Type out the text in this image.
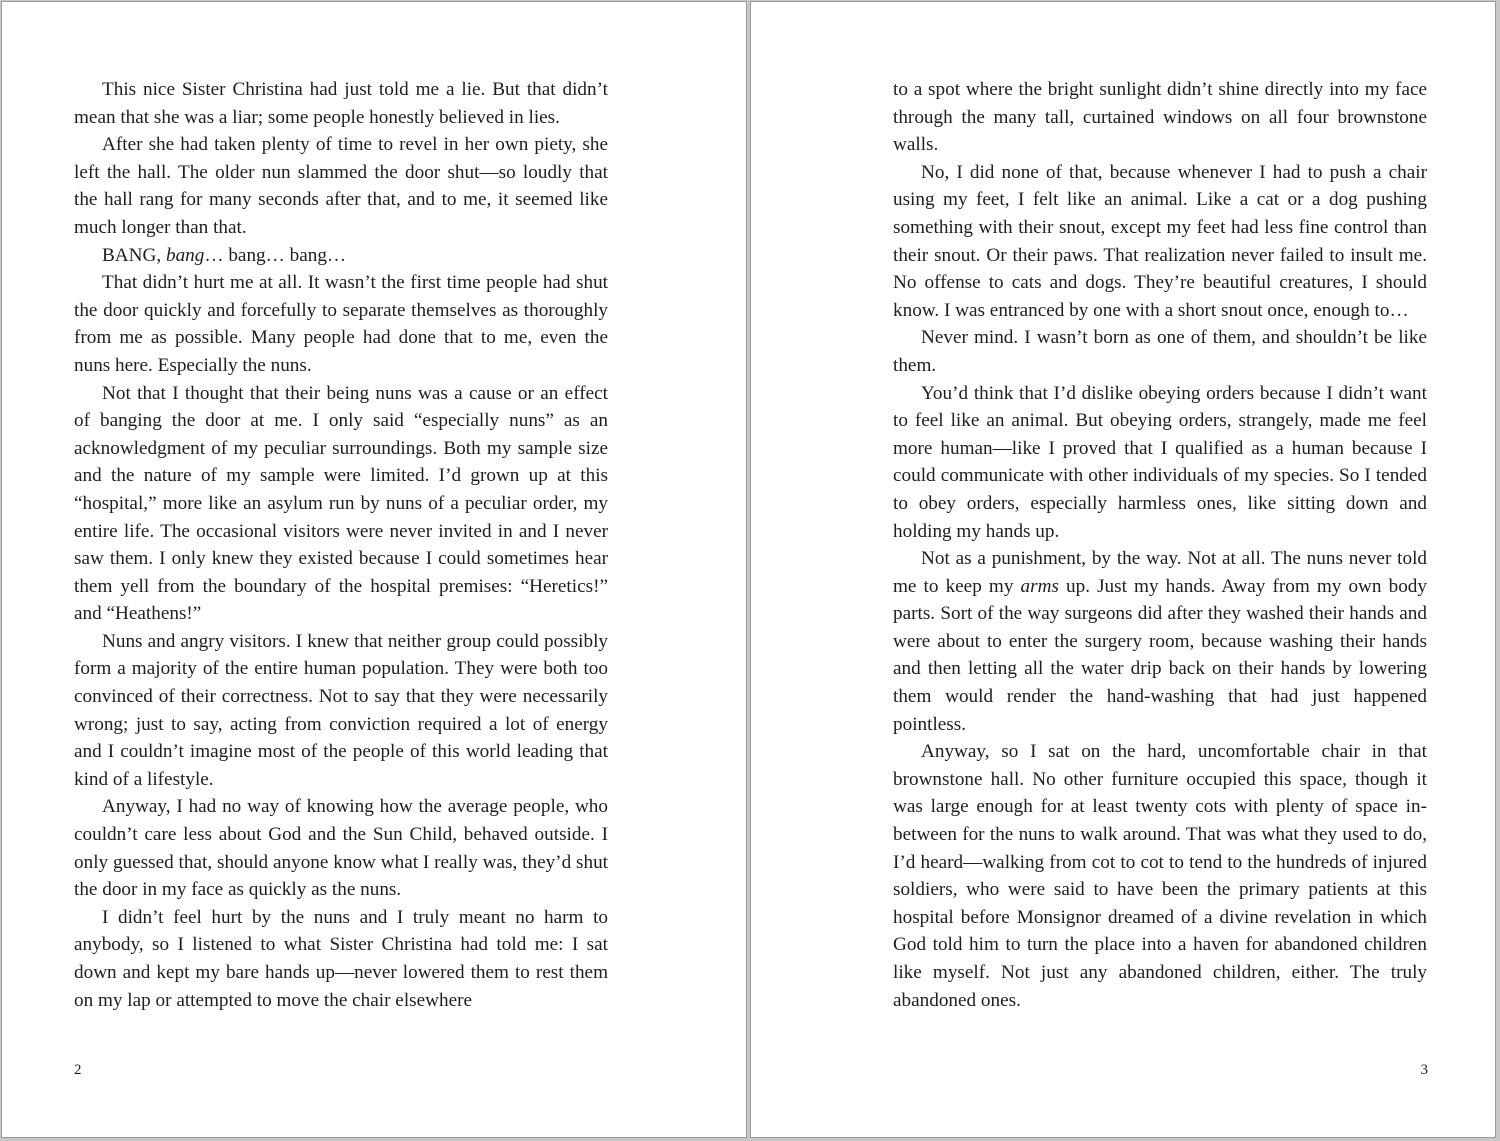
This nice Sister Christina had just told me a lie. But that didn’t mean that she was a liar; some people honestly believed in lies.

After she had taken plenty of time to revel in her own piety, she left the hall. The older nun slammed the door shut—so loudly that the hall rang for many seconds after that, and to me, it seemed like much longer than that.

BANG, bang… bang… bang…

That didn’t hurt me at all. It wasn’t the first time people had shut the door quickly and forcefully to separate themselves as thoroughly from me as possible. Many people had done that to me, even the nuns here. Especially the nuns.

Not that I thought that their being nuns was a cause or an effect of banging the door at me. I only said “especially nuns” as an acknowledgment of my peculiar surroundings. Both my sample size and the nature of my sample were limited. I’d grown up at this “hospital,” more like an asylum run by nuns of a peculiar order, my entire life. The occasional visitors were never invited in and I never saw them. I only knew they existed because I could sometimes hear them yell from the boundary of the hospital premises: “Heretics!” and “Heathens!”

Nuns and angry visitors. I knew that neither group could possibly form a majority of the entire human population. They were both too convinced of their correctness. Not to say that they were necessarily wrong; just to say, acting from conviction required a lot of energy and I couldn’t imagine most of the people of this world leading that kind of a lifestyle.

Anyway, I had no way of knowing how the average people, who couldn’t care less about God and the Sun Child, behaved outside. I only guessed that, should anyone know what I really was, they’d shut the door in my face as quickly as the nuns.

I didn’t feel hurt by the nuns and I truly meant no harm to anybody, so I listened to what Sister Christina had told me: I sat down and kept my bare hands up—never lowered them to rest them on my lap or attempted to move the chair elsewhere

2

to a spot where the bright sunlight didn’t shine directly into my face through the many tall, curtained windows on all four brownstone walls.

No, I did none of that, because whenever I had to push a chair using my feet, I felt like an animal. Like a cat or a dog pushing something with their snout, except my feet had less fine control than their snout. Or their paws. That realization never failed to insult me. No offense to cats and dogs. They’re beautiful creatures, I should know. I was entranced by one with a short snout once, enough to…

Never mind. I wasn’t born as one of them, and shouldn’t be like them.

You’d think that I’d dislike obeying orders because I didn’t want to feel like an animal. But obeying orders, strangely, made me feel more human—like I proved that I qualified as a human because I could communicate with other individuals of my species. So I tended to obey orders, especially harmless ones, like sitting down and holding my hands up.

Not as a punishment, by the way. Not at all. The nuns never told me to keep my arms up. Just my hands. Away from my own body parts. Sort of the way surgeons did after they washed their hands and were about to enter the surgery room, because washing their hands and then letting all the water drip back on their hands by lowering them would render the hand-washing that had just happened pointless.

Anyway, so I sat on the hard, uncomfortable chair in that brownstone hall. No other furniture occupied this space, though it was large enough for at least twenty cots with plenty of space in-between for the nuns to walk around. That was what they used to do, I’d heard—walking from cot to cot to tend to the hundreds of injured soldiers, who were said to have been the primary patients at this hospital before Monsignor dreamed of a divine revelation in which God told him to turn the place into a haven for abandoned children like myself. Not just any abandoned children, either. The truly abandoned ones.

3
